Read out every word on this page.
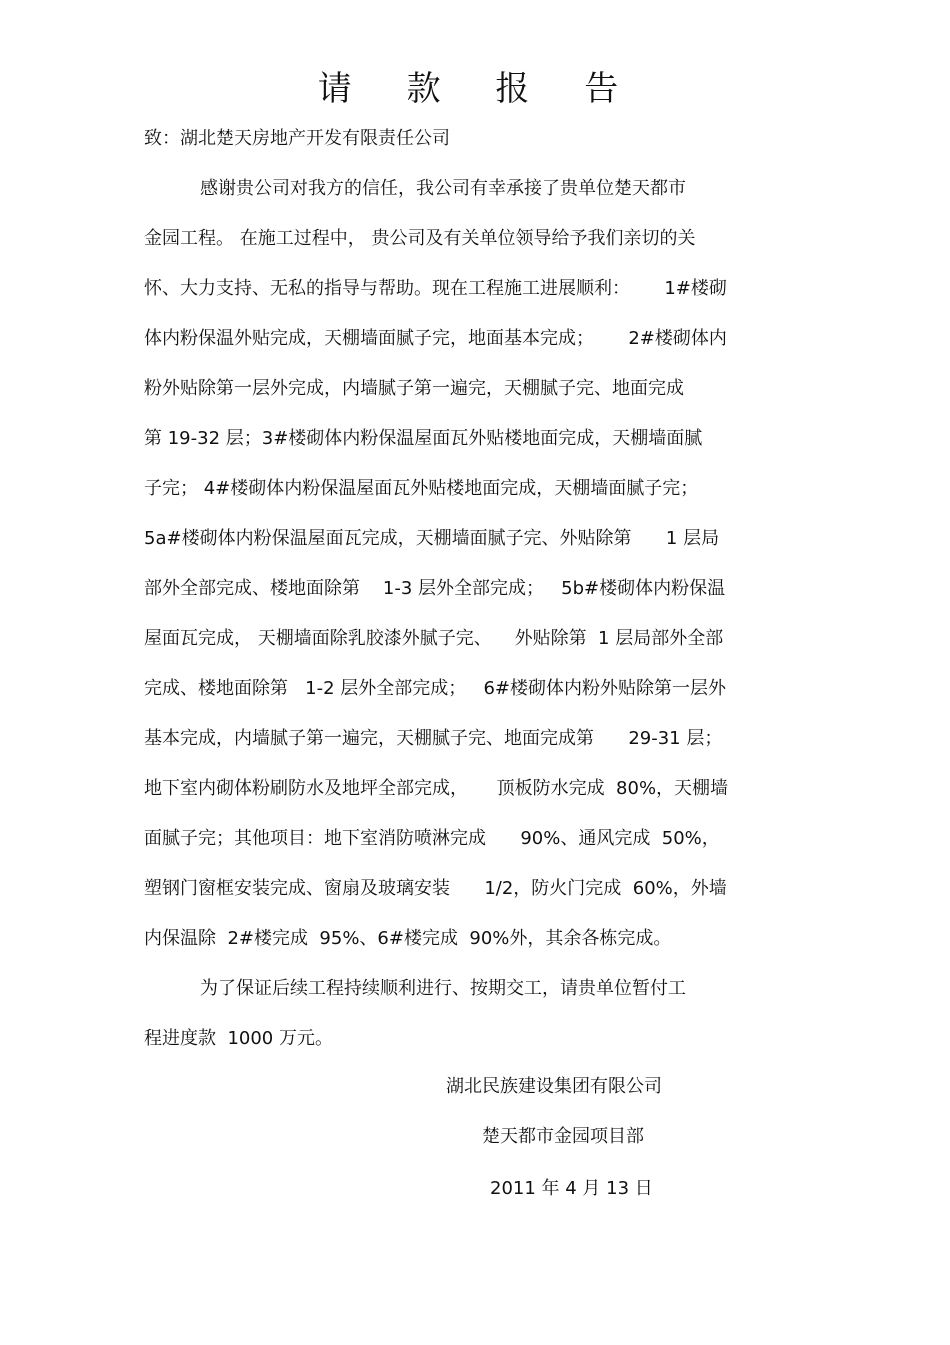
请 款 报 告
致：湖北楚天房地产开发有限责任公司
感谢贵公司对我方的信任，我公司有幸承接了贵单位楚天都市
金园工程。 在施工过程中， 贵公司及有关单位领导给予我们亲切的关
怀、大力支持、无私的指导与帮助。现在工程施工进展顺利：      1#楼砌
体内粉保温外贴完成，天棚墙面腻子完，地面基本完成；      2#楼砌体内
粉外贴除第一层外完成，内墙腻子第一遍完，天棚腻子完、地面完成
第 19-32 层；3#楼砌体内粉保温屋面瓦外贴楼地面完成，天棚墙面腻
子完； 4#楼砌体内粉保温屋面瓦外贴楼地面完成，天棚墙面腻子完；
5a#楼砌体内粉保温屋面瓦完成，天棚墙面腻子完、外贴除第      1 层局
部外全部完成、楼地面除第    1-3 层外全部完成；   5b#楼砌体内粉保温
屋面瓦完成， 天棚墙面除乳胶漆外腻子完、    外贴除第  1 层局部外全部
完成、楼地面除第   1-2 层外全部完成；   6#楼砌体内粉外贴除第一层外
基本完成，内墙腻子第一遍完，天棚腻子完、地面完成第      29-31 层；
地下室内砌体粉刷防水及地坪全部完成，     顶板防水完成  80%，天棚墙
面腻子完；其他项目：地下室消防喷淋完成      90%、通风完成  50%，
塑钢门窗框安装完成、窗扇及玻璃安装      1/2，防火门完成  60%，外墙
内保温除  2#楼完成  95%、6#楼完成  90%外，其余各栋完成。
为了保证后续工程持续顺利进行、按期交工，请贵单位暂付工
程进度款  1000 万元。
湖北民族建设集团有限公司
楚天都市金园项目部
2011 年 4 月 13 日
